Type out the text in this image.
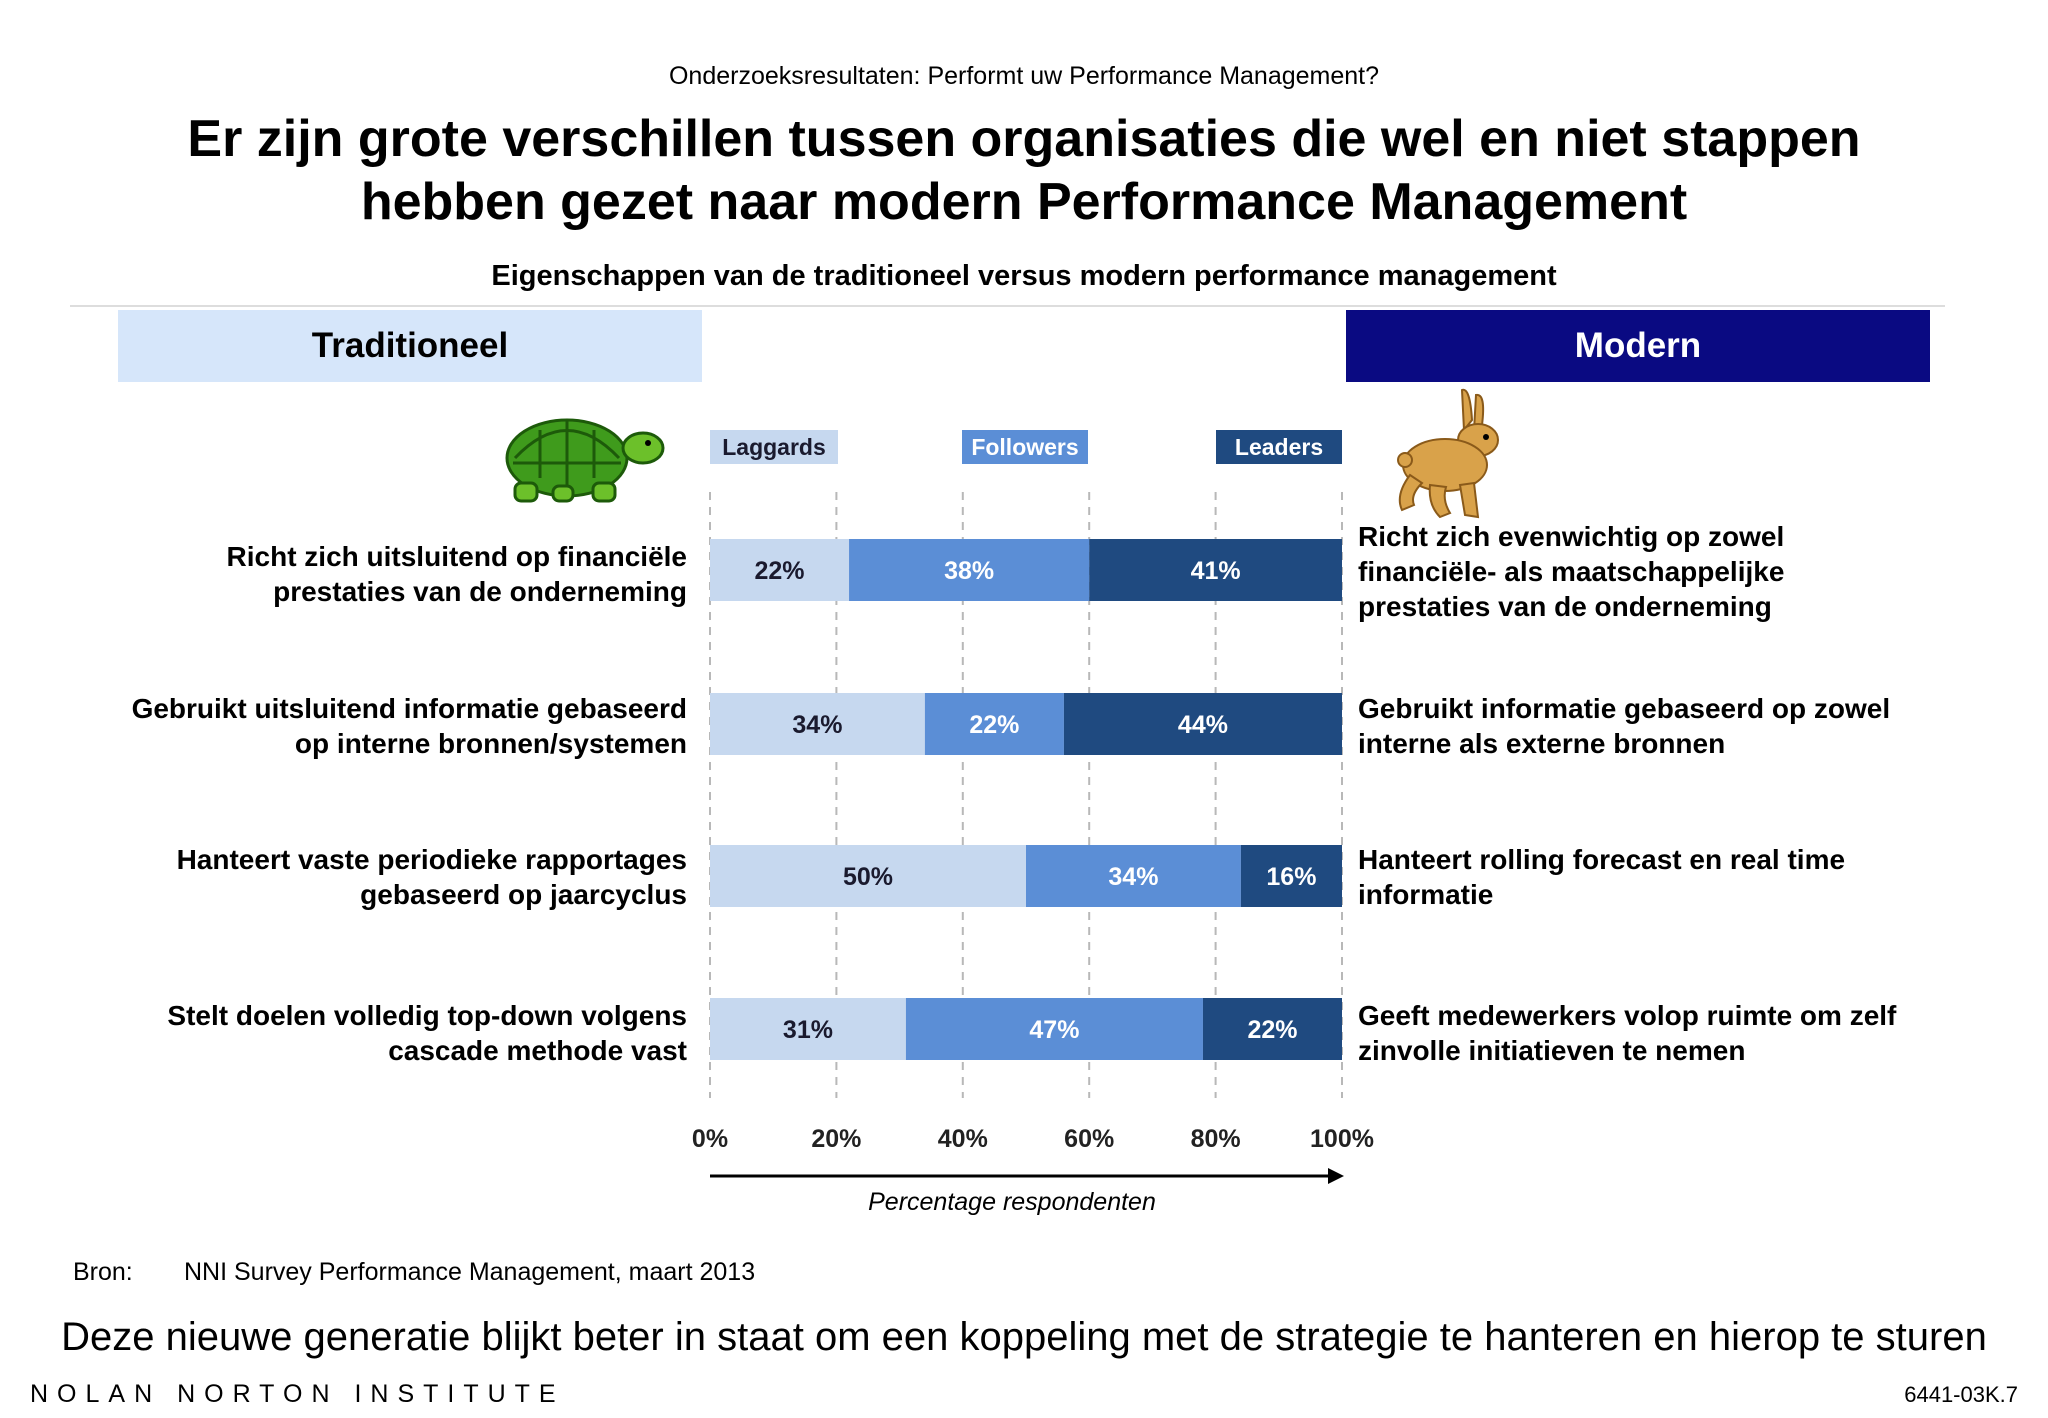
Onderzoeksresultaten: Performt uw Performance Management?
Er zijn grote verschillen tussen organisaties die wel en niet stappen
hebben gezet naar modern Performance Management
Eigenschappen van de traditioneel versus modern performance management
Traditioneel	Modern
Laggards	Followers	Leaders
Richt zich uitsluitend op financiële
prestaties van de onderneming
Gebruikt uitsluitend informatie gebaseerd
op interne bronnen/systemen
Hanteert vaste periodieke rapportages
gebaseerd op jaarcyclus
Stelt doelen volledig top-down volgens
cascade methode vast
Richt zich evenwichtig op zowel
financiële- als maatschappelijke
prestaties van de onderneming
Gebruikt informatie gebaseerd op zowel
interne als externe bronnen
Hanteert rolling forecast en real time
informatie
Geeft medewerkers volop ruimte om zelf
zinvolle initiatieven te nemen
22%	38%	41%
34%	22%	44%
50%	34%	16%
31%	47%	22%
0%	20%	40%	60%	80%	100%
Percentage respondenten
Bron: NNI Survey Performance Management, maart 2013
Deze nieuwe generatie blijkt beter in staat om een koppeling met de strategie te hanteren en hierop te sturen
NOLAN NORTON INSTITUTE	6441-03K.7
